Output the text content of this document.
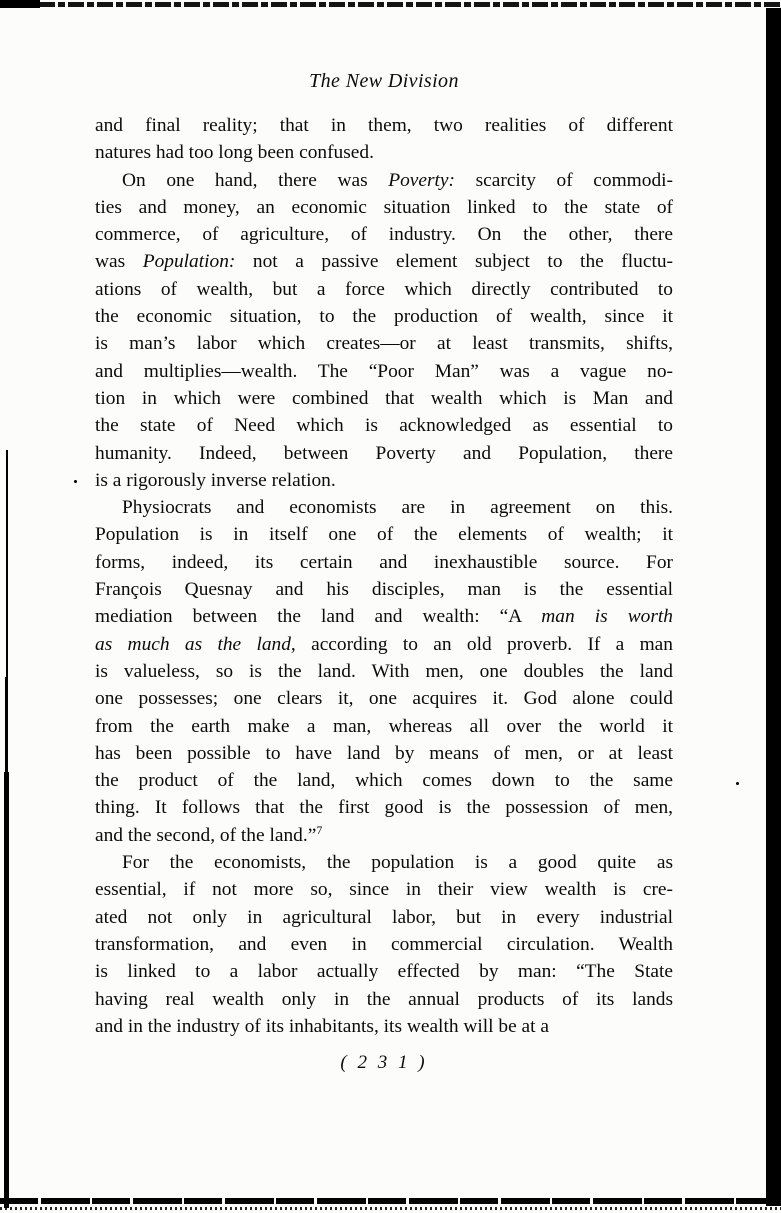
The New Division
and final reality; that in them, two realities of different
natures had too long been confused.
On one hand, there was Poverty: scarcity of commodi-
ties and money, an economic situation linked to the state of
commerce, of agriculture, of industry. On the other, there
was Population: not a passive element subject to the fluctu-
ations of wealth, but a force which directly contributed to
the economic situation, to the production of wealth, since it
is man’s labor which creates—or at least transmits, shifts,
and multiplies—wealth. The “Poor Man” was a vague no-
tion in which were combined that wealth which is Man and
the state of Need which is acknowledged as essential to
humanity. Indeed, between Poverty and Population, there
is a rigorously inverse relation.
Physiocrats and economists are in agreement on this.
Population is in itself one of the elements of wealth; it
forms, indeed, its certain and inexhaustible source. For
François Quesnay and his disciples, man is the essential
mediation between the land and wealth: “A man is worth
as much as the land, according to an old proverb. If a man
is valueless, so is the land. With men, one doubles the land
one possesses; one clears it, one acquires it. God alone could
from the earth make a man, whereas all over the world it
has been possible to have land by means of men, or at least
the product of the land, which comes down to the same
thing. It follows that the first good is the possession of men,
and the second, of the land.”$^7$
For the economists, the population is a good quite as
essential, if not more so, since in their view wealth is cre-
ated not only in agricultural labor, but in every industrial
transformation, and even in commercial circulation. Wealth
is linked to a labor actually effected by man: “The State
having real wealth only in the annual products of its lands
and in the industry of its inhabitants, its wealth will be at a
( 2 3 1 )
